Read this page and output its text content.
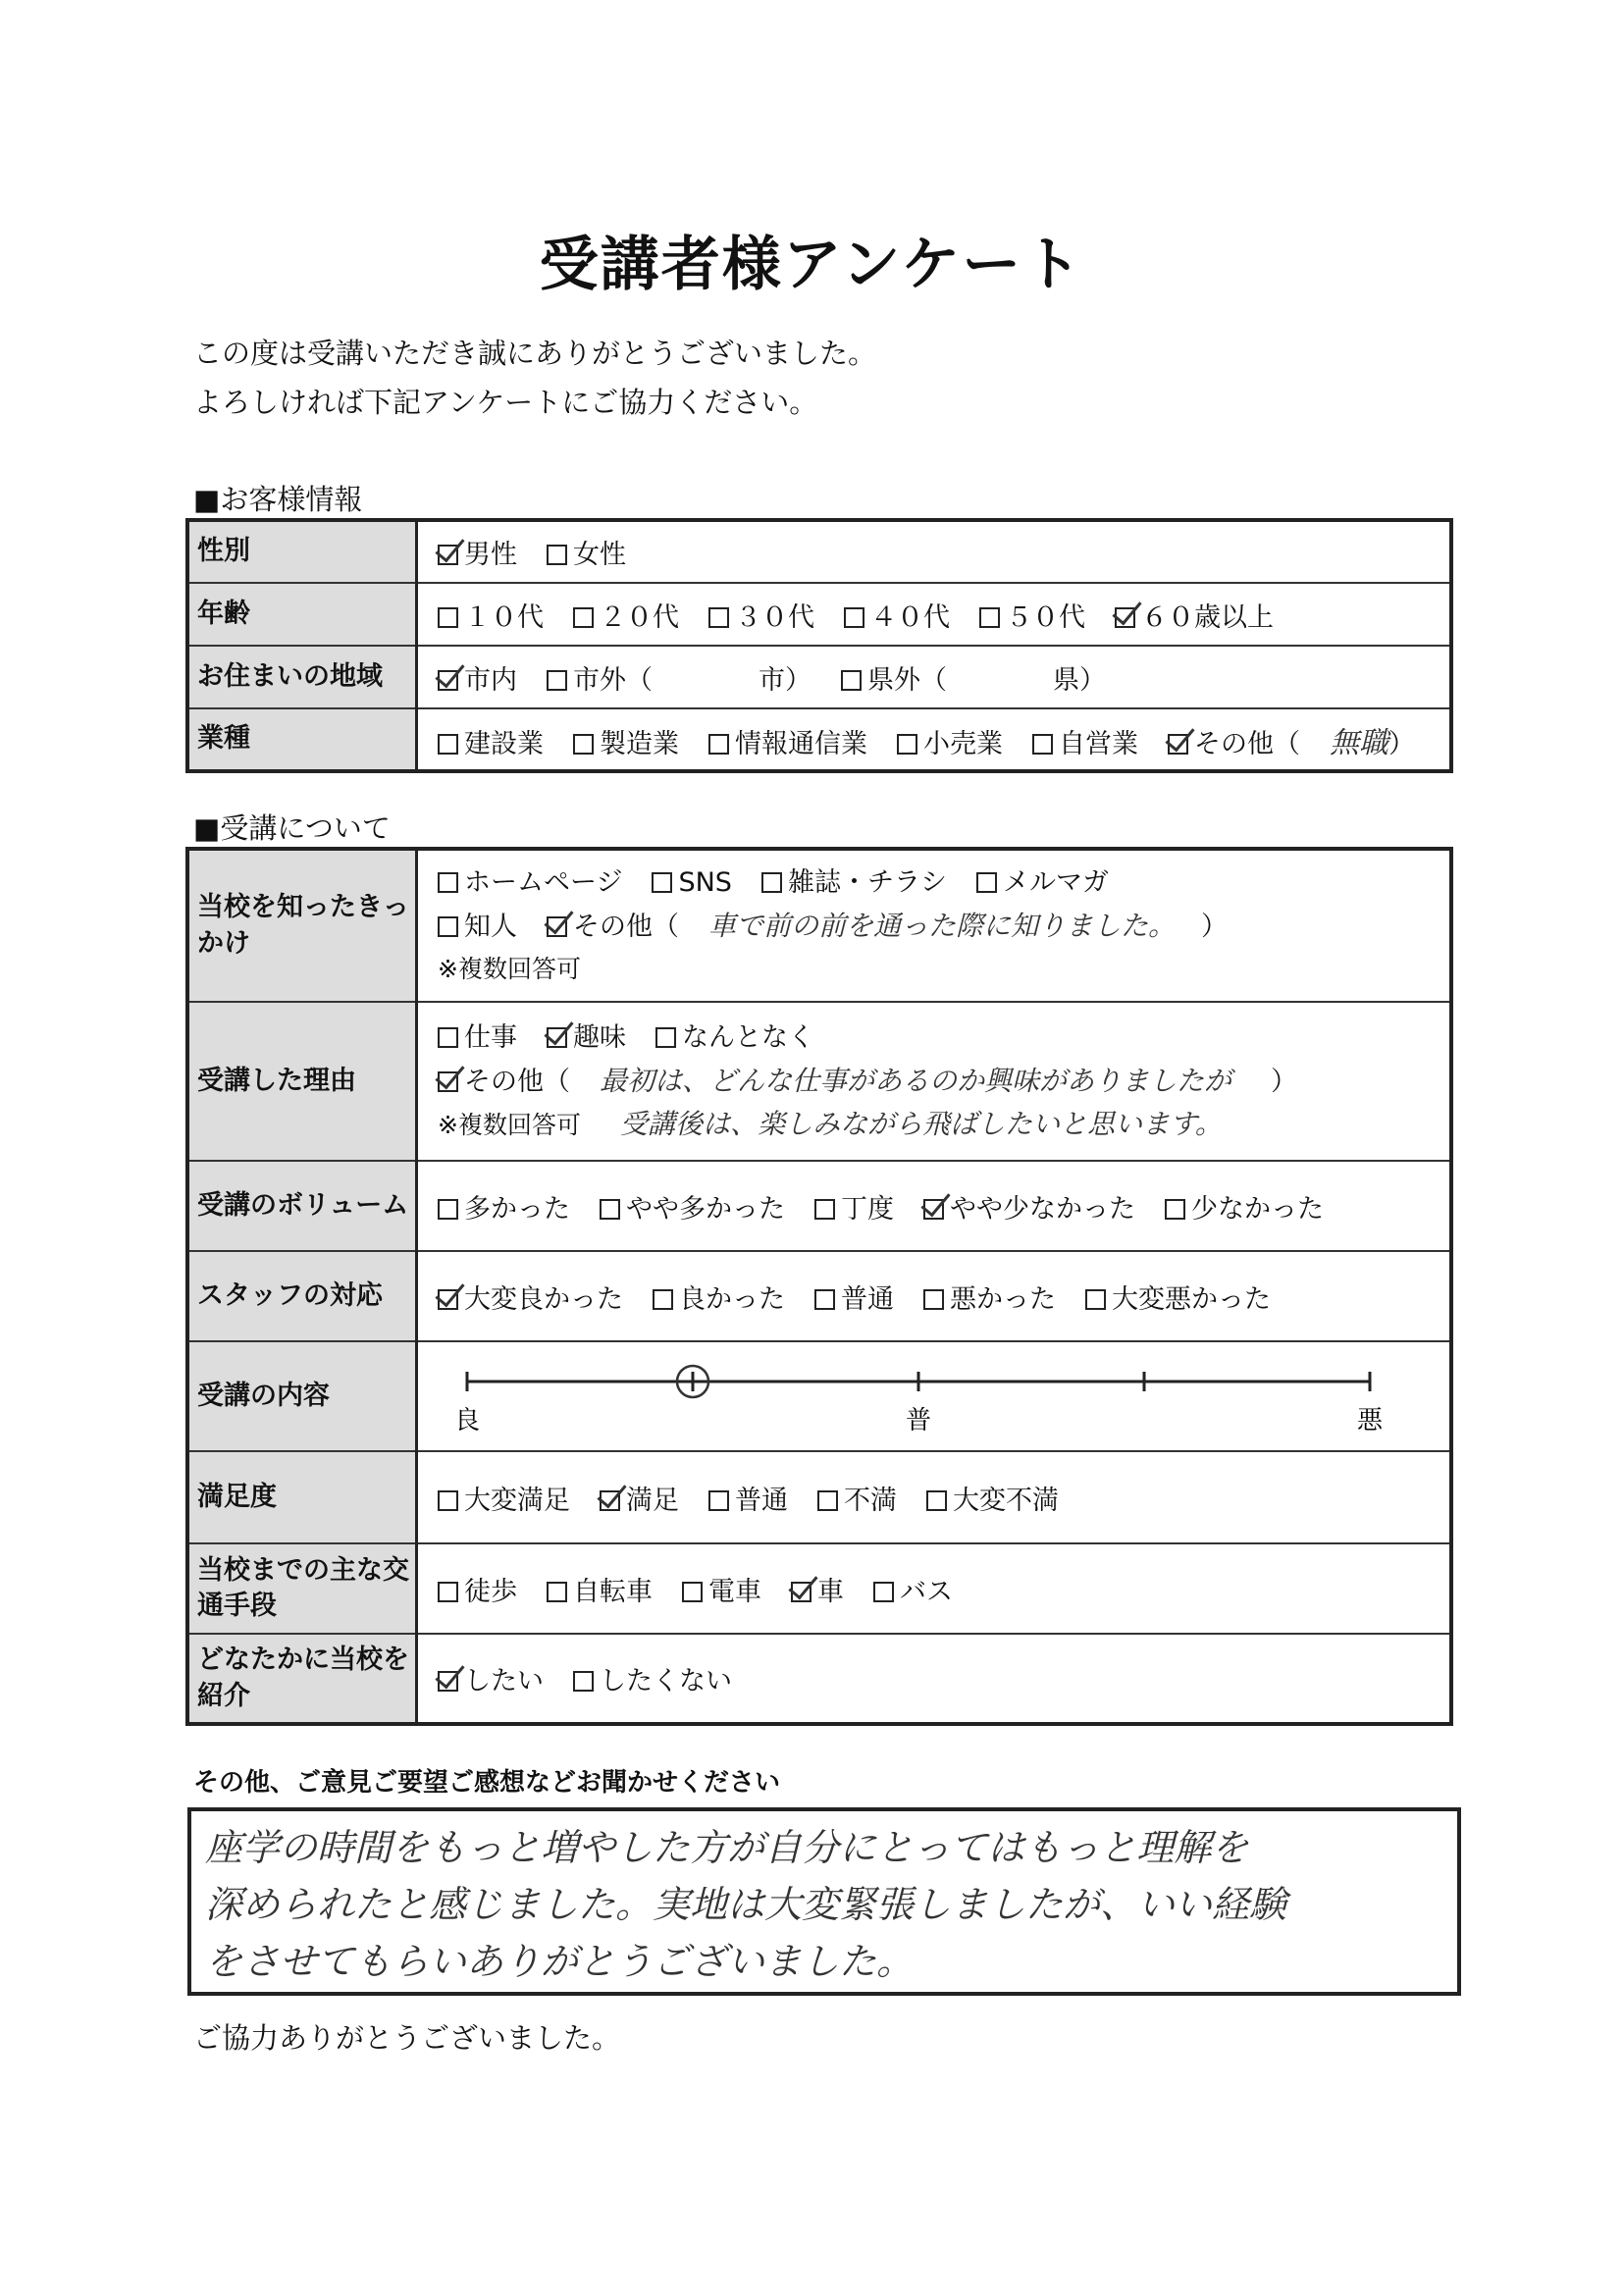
受講者様アンケート
この度は受講いただき誠にありがとうございました。
よろしければ下記アンケートにご協力ください。
■お客様情報
性別	男性 女性
年齢	１０代 ２０代 ３０代 ４０代 ５０代 ６０歳以上
お住まいの地域	市内 市外（　　　　市） 県外（　　　　県）
業種	建設業 製造業 情報通信業 小売業 自営業 その他（ 無職）
■受講について
当校を知ったきっかけ	ホームページ SNS 雑誌・チラシ メルマガ
知人 その他（ 車で前の前を通った際に知りました。 ）
※複数回答可

受講した理由	仕事 趣味 なんとなく
その他（ 最初は、どんな仕事があるのか興味がありましたが ）
※複数回答可 受講後は、楽しみながら飛ばしたいと思います。

受講のボリューム	多かった やや多かった 丁度 やや少なかった 少なかった
スタッフの対応	大変良かった 良かった 普通 悪かった 大変悪かった
受講の内容	良 普 悪

満足度	大変満足 満足 普通 不満 大変不満
当校までの主な交通手段	徒歩 自転車 電車 車 バス
どなたかに当校を紹介	したい したくない
その他、ご意見ご要望ご感想などお聞かせください
座学の時間をもっと増やした方が自分にとってはもっと理解を
深められたと感じました。実地は大変緊張しましたが、いい経験
をさせてもらいありがとうございました。
ご協力ありがとうございました。
